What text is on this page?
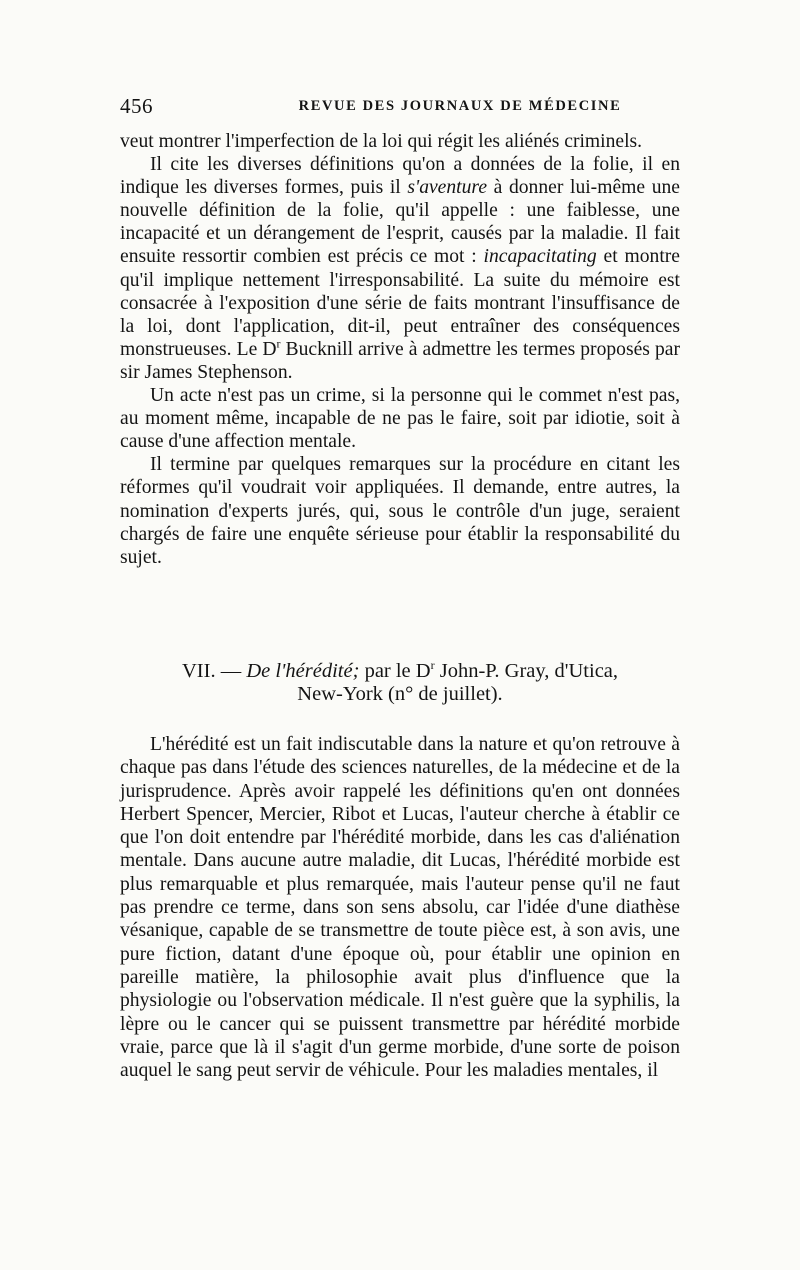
456	REVUE DES JOURNAUX DE MÉDECINE

veut montrer l'imperfection de la loi qui régit les aliénés criminels.

Il cite les diverses définitions qu'on a données de la folie, il en indique les diverses formes, puis il s'aventure à donner lui-même une nouvelle définition de la folie, qu'il appelle : une faiblesse, une incapacité et un dérangement de l'esprit, causés par la maladie. Il fait ensuite ressortir combien est précis ce mot : incapacitating et montre qu'il implique nettement l'irresponsabilité. La suite du mémoire est consacrée à l'exposition d'une série de faits montrant l'insuffisance de la loi, dont l'application, dit-il, peut entraîner des conséquences monstrueuses. Le $D^r$ Bucknill arrive à admettre les termes proposés par sir James Stephenson.

Un acte n'est pas un crime, si la personne qui le commet n'est pas, au moment même, incapable de ne pas le faire, soit par idiotie, soit à cause d'une affection mentale.

Il termine par quelques remarques sur la procédure en citant les réformes qu'il voudrait voir appliquées. Il demande, entre autres, la nomination d'experts jurés, qui, sous le contrôle d'un juge, seraient chargés de faire une enquête sérieuse pour établir la responsabilité du sujet.

VII. — De l'hérédité; par le $D^r$ John-P. Gray, d'Utica,
New-York (n° de juillet).

L'hérédité est un fait indiscutable dans la nature et qu'on retrouve à chaque pas dans l'étude des sciences naturelles, de la médecine et de la jurisprudence. Après avoir rappelé les définitions qu'en ont données Herbert Spencer, Mercier, Ribot et Lucas, l'auteur cherche à établir ce que l'on doit entendre par l'hérédité morbide, dans les cas d'aliénation mentale. Dans aucune autre maladie, dit Lucas, l'hérédité morbide est plus remarquable et plus remarquée, mais l'auteur pense qu'il ne faut pas prendre ce terme, dans son sens absolu, car l'idée d'une diathèse vésanique, capable de se transmettre de toute pièce est, à son avis, une pure fiction, datant d'une époque où, pour établir une opinion en pareille matière, la philosophie avait plus d'influence que la physiologie ou l'observation médicale. Il n'est guère que la syphilis, la lèpre ou le cancer qui se puissent transmettre par hérédité morbide vraie, parce que là il s'agit d'un germe morbide, d'une sorte de poison auquel le sang peut servir de véhicule. Pour les maladies mentales, il
